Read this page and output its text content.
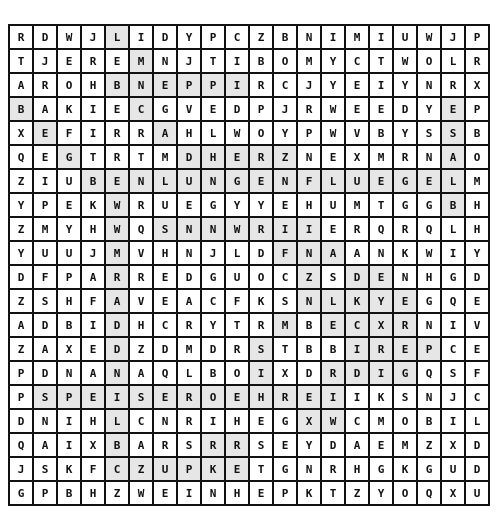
R	D	W	J	L	I	D	Y	P	C	Z	B	N	I	M	I	U	W	J	P
T	J	E	R	E	M	N	J	T	I	B	O	M	Y	C	T	W	O	L	R
A	R	O	H	B	N	E	P	P	I	R	C	J	Y	E	I	Y	N	R	X
B	A	K	I	E	C	G	V	E	D	P	J	R	W	E	E	D	Y	E	P
X	E	F	I	R	R	A	H	L	W	O	Y	P	W	V	B	Y	S	S	B
Q	E	G	T	R	T	M	D	H	E	R	Z	N	E	X	M	R	N	A	O
Z	I	U	B	E	N	L	U	N	G	E	N	F	L	U	E	G	E	L	M
Y	P	E	K	W	R	U	E	G	Y	Y	E	H	U	M	T	G	G	B	H
Z	M	Y	H	W	Q	S	N	N	W	R	I	I	E	R	Q	R	Q	L	H
Y	U	U	J	M	V	H	N	J	L	D	F	N	A	A	N	K	W	I	Y
D	F	P	A	R	R	E	D	G	U	O	C	Z	S	D	E	N	H	G	D
Z	S	H	F	A	V	E	A	C	F	K	S	N	L	K	Y	E	G	Q	E
A	D	B	I	D	H	C	R	Y	T	R	M	B	E	C	X	R	N	I	V
Z	A	X	E	D	Z	D	M	D	R	S	T	B	B	I	R	E	P	C	E
P	D	N	A	N	A	Q	L	B	O	I	X	D	R	D	I	G	Q	S	F
P	S	P	E	I	S	E	R	O	E	H	R	E	I	I	K	S	N	J	C
D	N	I	H	L	C	N	R	I	H	E	G	X	W	C	M	O	B	I	L
Q	A	I	X	B	A	R	S	R	R	S	E	Y	D	A	E	M	Z	X	D
J	S	K	F	C	Z	U	P	K	E	T	G	N	R	H	G	K	G	U	D
G	P	B	H	Z	W	E	I	N	H	E	P	K	T	Z	Y	O	Q	X	U
